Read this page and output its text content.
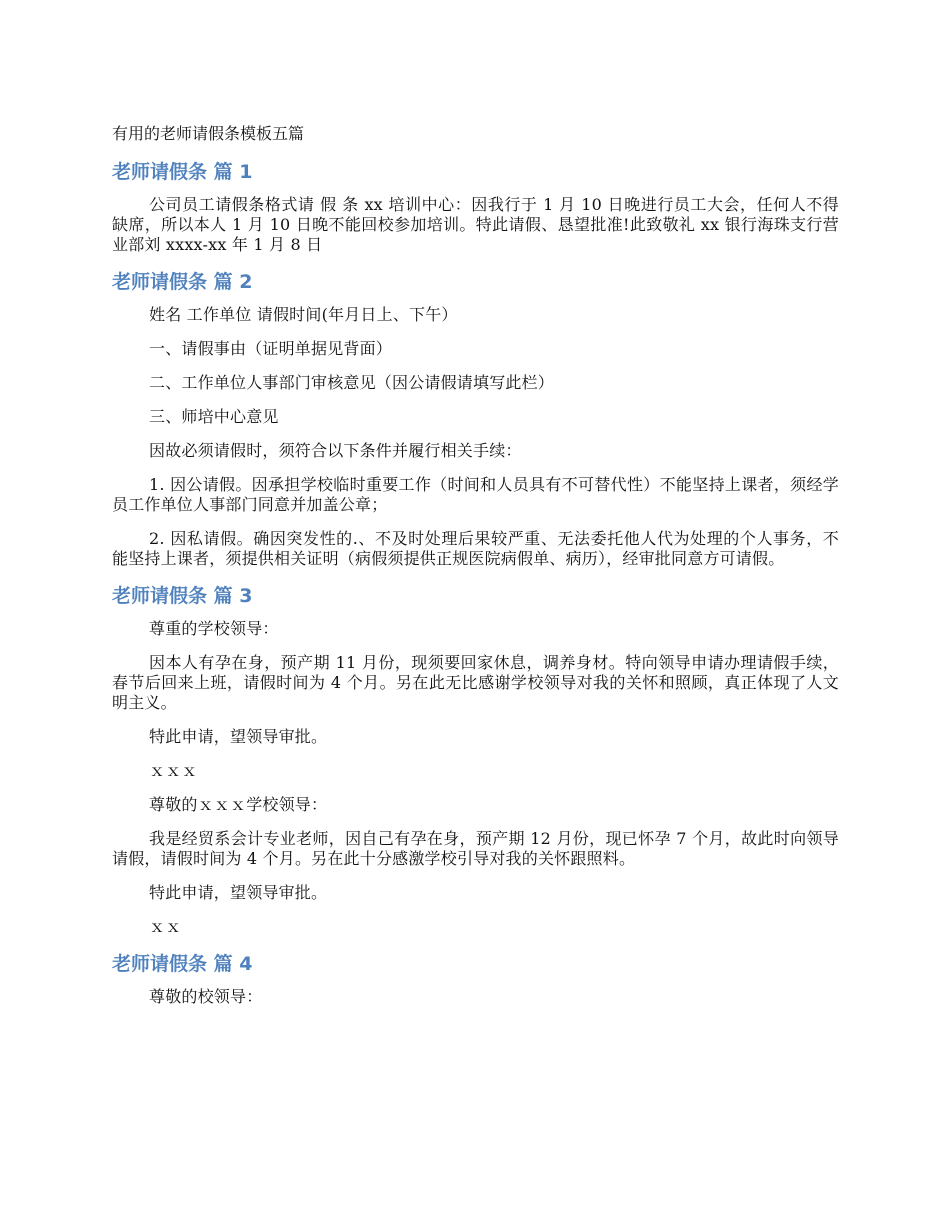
有用的老师请假条模板五篇
老师请假条 篇 1

公司员工请假条格式请 假 条 xx 培训中心：因我行于 1 月 10 日晚进行员工大会，任何人不得缺席，所以本人 1 月 10 日晚不能回校参加培训。特此请假、恳望批准!此致敬礼 xx 银行海珠支行营业部刘 xxxx-xx 年 1 月 8 日

老师请假条 篇 2

姓名 工作单位 请假时间(年月日上、下午）

一、请假事由（证明单据见背面）

二、工作单位人事部门审核意见（因公请假请填写此栏）

三、师培中心意见

因故必须请假时，须符合以下条件并履行相关手续：

1. 因公请假。因承担学校临时重要工作（时间和人员具有不可替代性）不能坚持上课者，须经学员工作单位人事部门同意并加盖公章；

2. 因私请假。确因突发性的.、不及时处理后果较严重、无法委托他人代为处理的个人事务，不能坚持上课者，须提供相关证明（病假须提供正规医院病假单、病历），经审批同意方可请假。

老师请假条 篇 3

尊重的学校领导：

因本人有孕在身，预产期 11 月份，现须要回家休息，调养身材。特向领导申请办理请假手续，春节后回来上班，请假时间为 4 个月。另在此无比感谢学校领导对我的关怀和照顾，真正体现了人文明主义。

特此申请，望领导审批。

ｘｘｘ

尊敬的ｘｘｘ学校领导：

我是经贸系会计专业老师，因自己有孕在身，预产期 12 月份，现已怀孕 7 个月，故此时向领导请假，请假时间为 4 个月。另在此十分感激学校引导对我的关怀跟照料。

特此申请，望领导审批。

ｘｘ

老师请假条 篇 4

尊敬的校领导：
